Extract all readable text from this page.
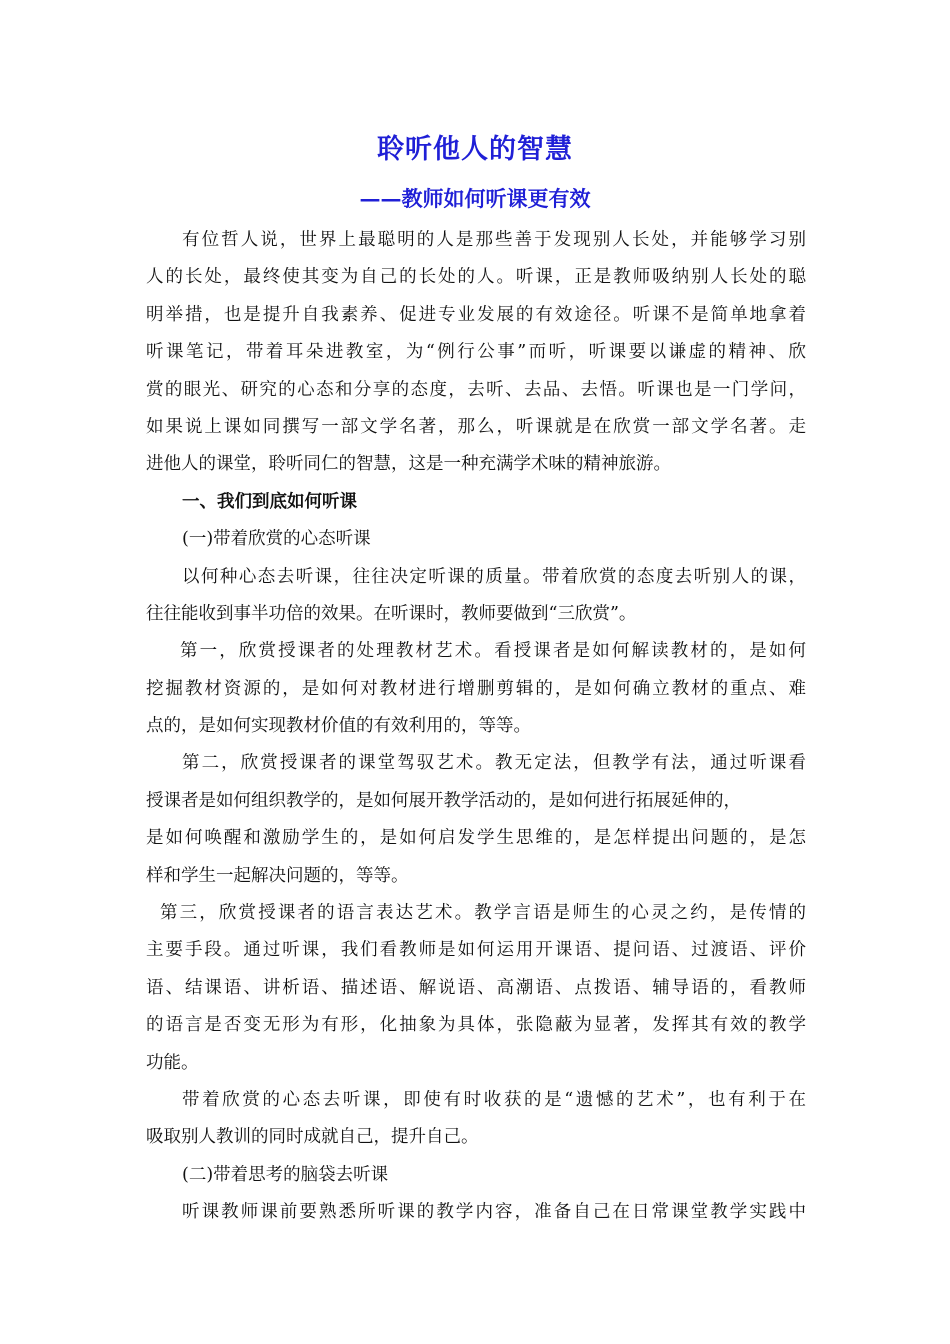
聆听他人的智慧
——教师如何听课更有效
有位哲人说，世界上最聪明的人是那些善于发现别人长处，并能够学习别
人的长处，最终使其变为自己的长处的人。听课，正是教师吸纳别人长处的聪
明举措，也是提升自我素养、促进专业发展的有效途径。听课不是简单地拿着
听课笔记，带着耳朵进教室，为“例行公事”而听，听课要以谦虚的精神、欣
赏的眼光、研究的心态和分享的态度，去听、去品、去悟。听课也是一门学问，
如果说上课如同撰写一部文学名著，那么，听课就是在欣赏一部文学名著。走
进他人的课堂，聆听同仁的智慧，这是一种充满学术味的精神旅游。
一、我们到底如何听课
(一)带着欣赏的心态听课
以何种心态去听课，往往决定听课的质量。带着欣赏的态度去听别人的课，
往往能收到事半功倍的效果。在听课时，教师要做到“三欣赏”。
第一，欣赏授课者的处理教材艺术。看授课者是如何解读教材的，是如何
挖掘教材资源的，是如何对教材进行增删剪辑的，是如何确立教材的重点、难
点的，是如何实现教材价值的有效利用的，等等。
第二，欣赏授课者的课堂驾驭艺术。教无定法，但教学有法，通过听课看
授课者是如何组织教学的，是如何展开教学活动的，是如何进行拓展延伸的，
是如何唤醒和激励学生的，是如何启发学生思维的，是怎样提出问题的，是怎
样和学生一起解决问题的，等等。
第三，欣赏授课者的语言表达艺术。教学言语是师生的心灵之约，是传情的
主要手段。通过听课，我们看教师是如何运用开课语、提问语、过渡语、评价
语、结课语、讲析语、描述语、解说语、高潮语、点拨语、辅导语的，看教师
的语言是否变无形为有形，化抽象为具体，张隐蔽为显著，发挥其有效的教学
功能。
带着欣赏的心态去听课，即使有时收获的是“遗憾的艺术”，也有利于在
吸取别人教训的同时成就自己，提升自己。
(二)带着思考的脑袋去听课
听课教师课前要熟悉所听课的教学内容，准备自己在日常课堂教学实践中
